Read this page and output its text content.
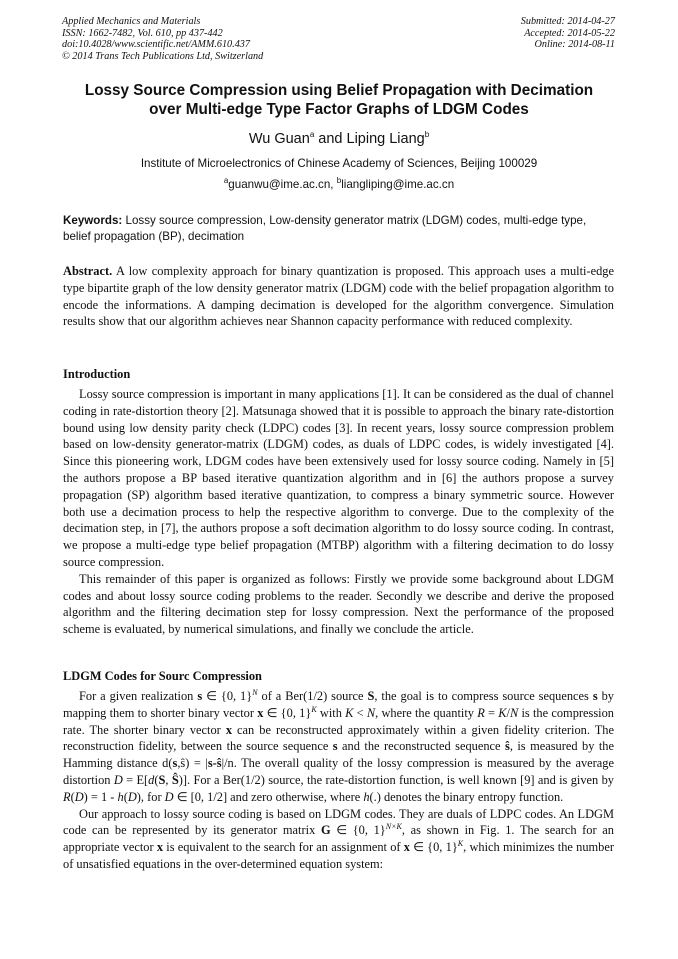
Applied Mechanics and Materials
ISSN: 1662-7482, Vol. 610, pp 437-442
doi:10.4028/www.scientific.net/AMM.610.437
© 2014 Trans Tech Publications Ltd, Switzerland
Submitted: 2014-04-27
Accepted: 2014-05-22
Online: 2014-08-11
Lossy Source Compression using Belief Propagation with Decimation
over Multi-edge Type Factor Graphs of LDGM Codes
Wu Guan$^a$ and Liping Liang$^b$
Institute of Microelectronics of Chinese Academy of Sciences, Beijing 100029
$^a$guanwu@ime.ac.cn, $^b$liangliping@ime.ac.cn
Keywords: Lossy source compression, Low-density generator matrix (LDGM) codes, multi-edge type, belief propagation (BP), decimation
Abstract. A low complexity approach for binary quantization is proposed. This approach uses a multi-edge type bipartite graph of the low density generator matrix (LDGM) code with the belief propagation algorithm to encode the informations. A damping decimation is developed for the algorithm convergence. Simulation results show that our algorithm achieves near Shannon capacity performance with reduced complexity.
Introduction

Lossy source compression is important in many applications [1]. It can be considered as the dual of channel coding in rate-distortion theory [2]. Matsunaga showed that it is possible to approach the binary rate-distortion bound using low density parity check (LDPC) codes [3]. In recent years, lossy source compression problem based on low-density generator-matrix (LDGM) codes, as duals of LDPC codes, is widely investigated [4]. Since this pioneering work, LDGM codes have been extensively used for lossy source coding. Namely in [5] the authors propose a BP based iterative quantization algorithm and in [6] the authors propose a survey propagation (SP) algorithm based iterative quantization, to compress a binary symmetric source. However both use a decimation process to help the respective algorithm to converge. Due to the complexity of the decimation step, in [7], the authors propose a soft decimation algorithm to do lossy source coding. In contrast, we propose a multi-edge type belief propagation (MTBP) algorithm with a filtering decimation to do lossy source compression.

This remainder of this paper is organized as follows: Firstly we provide some background about LDGM codes and about lossy source coding problems to the reader. Secondly we describe and derive the proposed algorithm and the filtering decimation step for lossy compression. Next the performance of the proposed scheme is evaluated, by numerical simulations, and finally we conclude the article.

LDGM Codes for Sourc Compression

For a given realization s ∈ {0, 1}$^N$ of a Ber(1/2) source S, the goal is to compress source sequences s by mapping them to shorter binary vector x ∈ {0, 1}$^K$ with K < N, where the quantity R = K/N is the compression rate. The shorter binary vector x can be reconstructed approximately within a given fidelity criterion. The reconstruction fidelity, between the source sequence s and the reconstructed sequence ŝ, is measured by the Hamming distance d(s,ŝ) = |s-ŝ|/n. The overall quality of the lossy compression is measured by the average distortion D = E[d(S, Ŝ)]. For a Ber(1/2) source, the rate-distortion function, is well known [9] and is given by R(D) = 1 - h(D), for D ∈ [0, 1/2] and zero otherwise, where h(.) denotes the binary entropy function.

Our approach to lossy source coding is based on LDGM codes. They are duals of LDPC codes. An LDGM code can be represented by its generator matrix G ∈ {0, 1}$^{N\times K}$, as shown in Fig. 1. The search for an appropriate vector x is equivalent to the search for an assignment of x ∈ {0, 1}$^K$, which minimizes the number of unsatisfied equations in the over-determined equation system:
